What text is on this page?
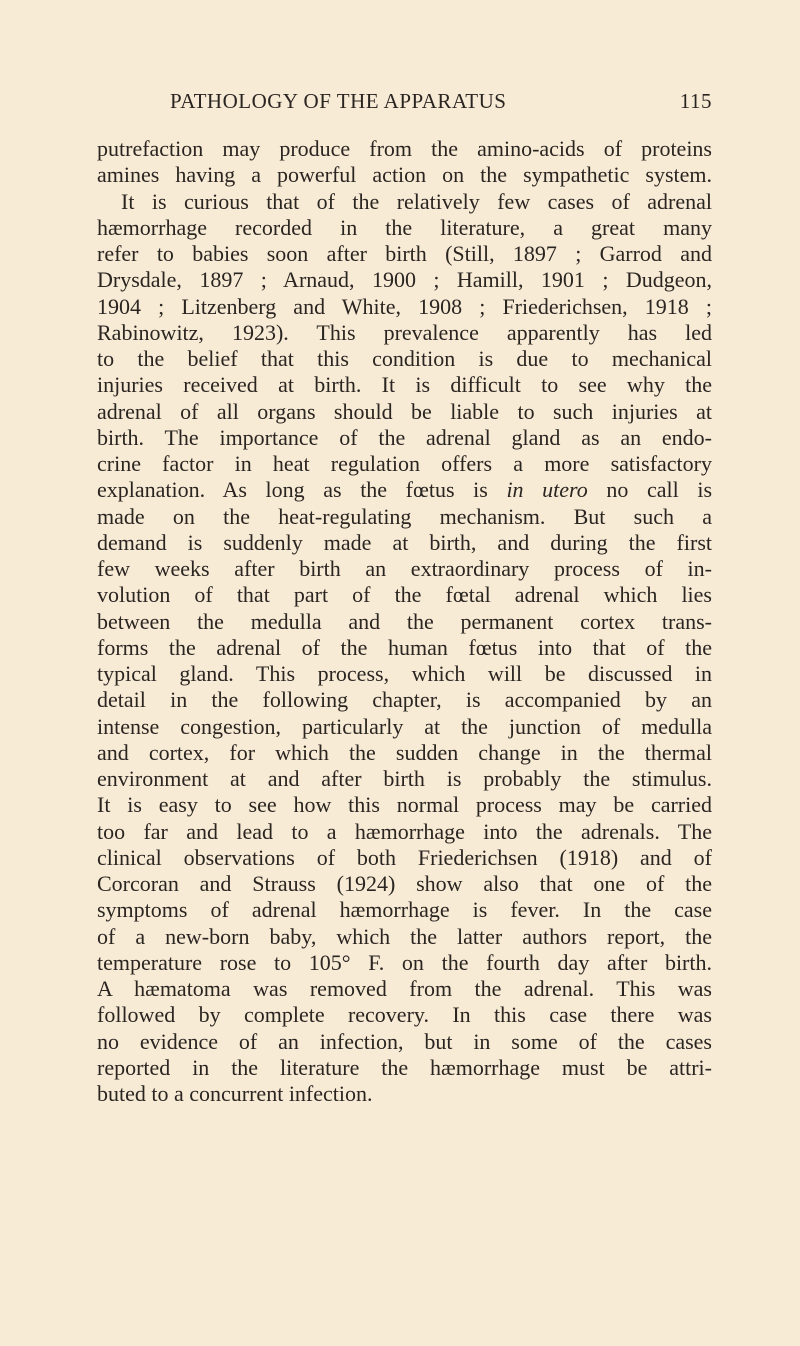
PATHOLOGY OF THE APPARATUS	115
putrefaction may produce from the amino-acids of proteins
amines having a powerful action on the sympathetic system.
It is curious that of the relatively few cases of adrenal
hæmorrhage recorded in the literature, a great many
refer to babies soon after birth (Still, 1897 ; Garrod and
Drysdale, 1897 ; Arnaud, 1900 ; Hamill, 1901 ; Dudgeon,
1904 ; Litzenberg and White, 1908 ; Friederichsen, 1918 ;
Rabinowitz, 1923). This prevalence apparently has led
to the belief that this condition is due to mechanical
injuries received at birth. It is difficult to see why the
adrenal of all organs should be liable to such injuries at
birth. The importance of the adrenal gland as an endo-
crine factor in heat regulation offers a more satisfactory
explanation. As long as the fœtus is in utero no call is
made on the heat-regulating mechanism. But such a
demand is suddenly made at birth, and during the first
few weeks after birth an extraordinary process of in-
volution of that part of the fœtal adrenal which lies
between the medulla and the permanent cortex trans-
forms the adrenal of the human fœtus into that of the
typical gland. This process, which will be discussed in
detail in the following chapter, is accompanied by an
intense congestion, particularly at the junction of medulla
and cortex, for which the sudden change in the thermal
environment at and after birth is probably the stimulus.
It is easy to see how this normal process may be carried
too far and lead to a hæmorrhage into the adrenals. The
clinical observations of both Friederichsen (1918) and of
Corcoran and Strauss (1924) show also that one of the
symptoms of adrenal hæmorrhage is fever. In the case
of a new-born baby, which the latter authors report, the
temperature rose to 105° F. on the fourth day after birth.
A hæmatoma was removed from the adrenal. This was
followed by complete recovery. In this case there was
no evidence of an infection, but in some of the cases
reported in the literature the hæmorrhage must be attri-
buted to a concurrent infection.
